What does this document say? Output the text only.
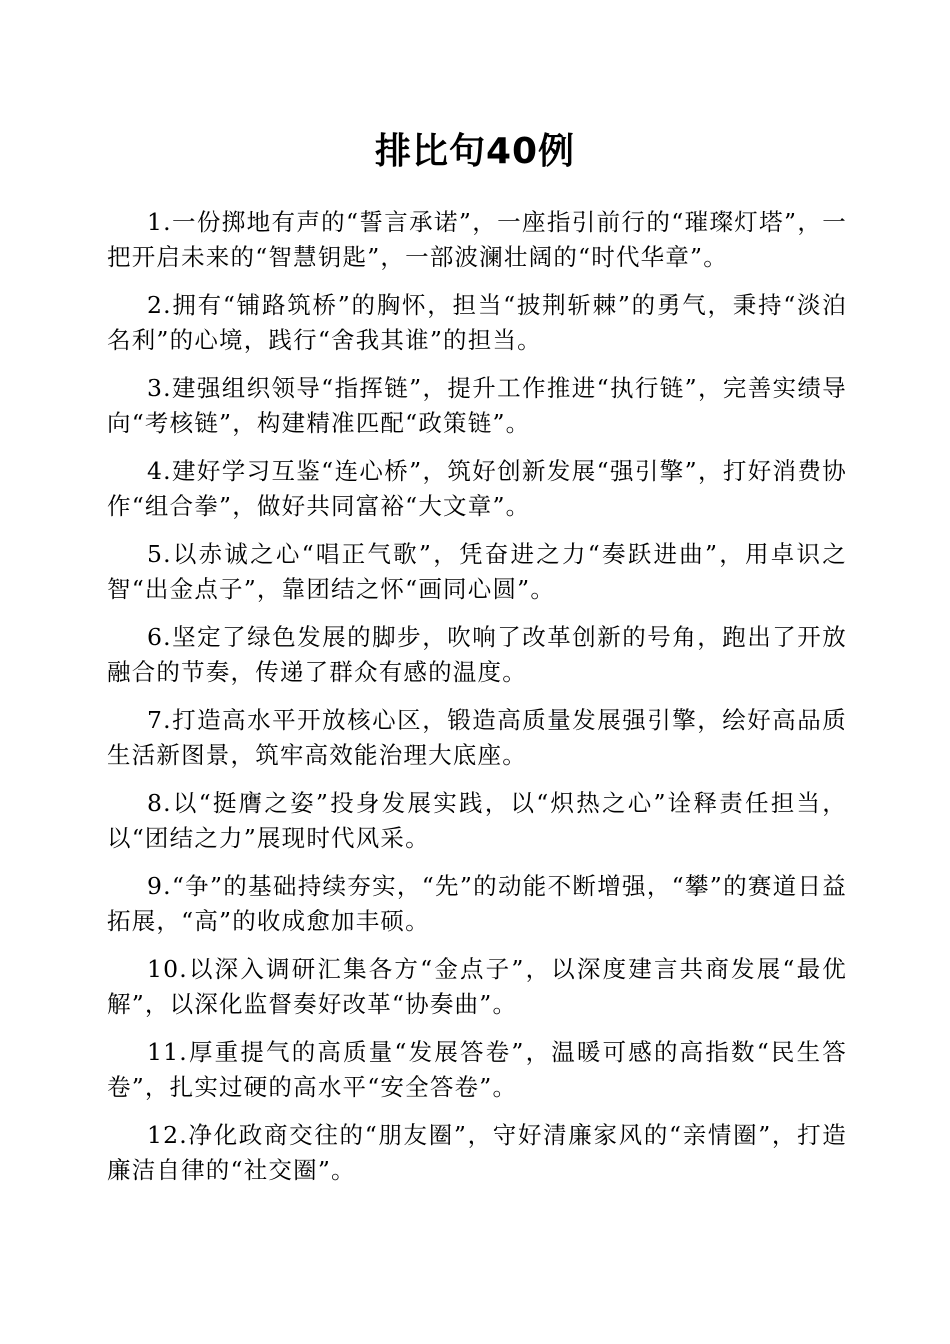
排比句40例

1.一份掷地有声的“誓言承诺”，一座指引前行的“璀璨灯塔”，一把开启未来的“智慧钥匙”，一部波澜壮阔的“时代华章”。

2.拥有“铺路筑桥”的胸怀，担当“披荆斩棘”的勇气，秉持“淡泊名利”的心境，践行“舍我其谁”的担当。

3.建强组织领导“指挥链”，提升工作推进“执行链”，完善实绩导向“考核链”，构建精准匹配“政策链”。

4.建好学习互鉴“连心桥”，筑好创新发展“强引擎”，打好消费协作“组合拳”，做好共同富裕“大文章”。

5.以赤诚之心“唱正气歌”，凭奋进之力“奏跃进曲”，用卓识之智“出金点子”，靠团结之怀“画同心圆”。

6.坚定了绿色发展的脚步，吹响了改革创新的号角，跑出了开放融合的节奏，传递了群众有感的温度。

7.打造高水平开放核心区，锻造高质量发展强引擎，绘好高品质生活新图景，筑牢高效能治理大底座。

8.以“挺膺之姿”投身发展实践，以“炽热之心”诠释责任担当，以“团结之力”展现时代风采。

9.“争”的基础持续夯实，“先”的动能不断增强，“攀”的赛道日益拓展，“高”的收成愈加丰硕。

10.以深入调研汇集各方“金点子”，以深度建言共商发展“最优解”，以深化监督奏好改革“协奏曲”。

11.厚重提气的高质量“发展答卷”，温暖可感的高指数“民生答卷”，扎实过硬的高水平“安全答卷”。

12.净化政商交往的“朋友圈”，守好清廉家风的“亲情圈”，打造廉洁自律的“社交圈”。
